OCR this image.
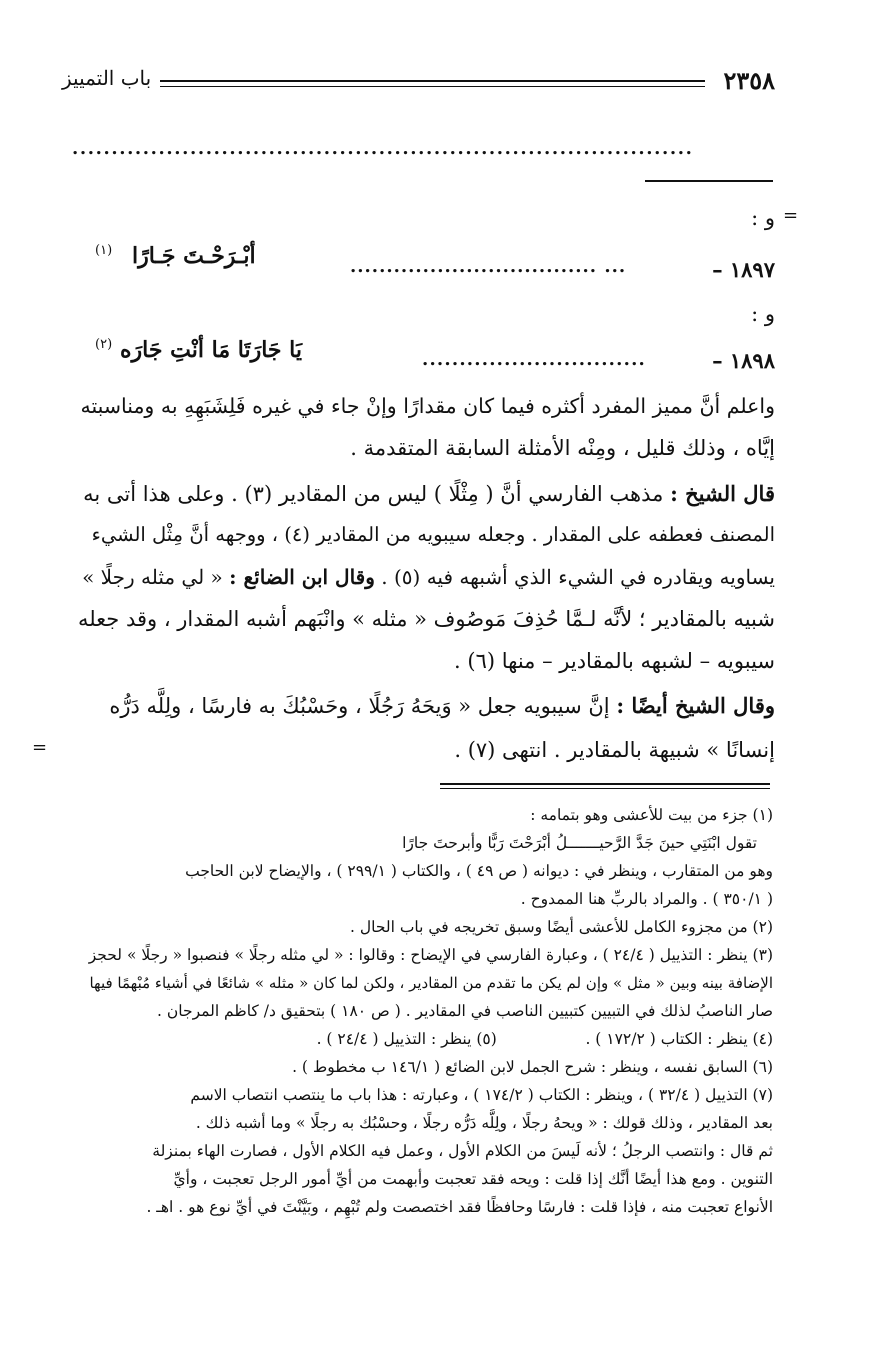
٢٣٥٨
باب التمييز
...............................................................................
=
=
و :
١٨٩٧ –
.................................. ...
أبْـرَحْـتَ جَـارًا
(١)
و :
١٨٩٨ –
..............................
يَا جَارَتَا مَا أنْتِ جَارَه
(٢)
واعلم أنَّ مميز المفرد أكثره فيما كان مقدارًا وإنْ جاء في غيره فَلِشَبَهِهِ به ومناسبته
إيَّاه ، وذلك قليل ، ومِنْه الأمثلة السابقة المتقدمة .
قال الشيخ : مذهب الفارسي أنَّ ( مِثْلًا ) ليس من المقادير (٣) . وعلى هذا أتى به
المصنف فعطفه على المقدار . وجعله سيبويه من المقادير (٤) ، ووجهه أنَّ مِثْل الشيء
يساويه ويقادره في الشيء الذي أشبهه فيه (٥) . وقال ابن الضائع : « لي مثله رجلًا »
شبيه بالمقادير ؛ لأنَّه لـمَّا حُذِفَ مَوصُوف « مثله » وانْبَهم أشبه المقدار ، وقد جعله
سيبويه – لشبهه بالمقادير – منها (٦) .
وقال الشيخ أيضًا : إنَّ سيبويه جعل « وَيحَهُ رَجُلًا ، وحَسْبُكَ به فارسًا ، ولِلَّه دَرُّه
إنسانًا » شبيهة بالمقادير . انتهى (٧) .
(١) جزء من بيت للأعشى وهو بتمامه :
تقول ابْنَتِي حينَ جَدَّ الرَّحيـــــــلُ أبْرَحْتَ رَبًّا وأبرحتَ جارًا
وهو من المتقارب ، وينظر في : ديوانه ( ص ٤٩ ) ، والكتاب ( ٢٩٩/١ ) ، والإيضاح لابن الحاجب
( ٣٥٠/١ ) . والمراد بالربِّ هنا الممدوح .
(٢) من مجزوء الكامل للأعشى أيضًا وسبق تخريجه في باب الحال .
(٣) ينظر : التذييل ( ٢٤/٤ ) ، وعبارة الفارسي في الإيضاح : وقالوا : « لي مثله رجلًا » فنصبوا « رجلًا » لحجز
الإضافة بينه وبين « مثل » وإن لم يكن ما تقدم من المقادير ، ولكن لما كان « مثله » شائعًا في أشياء مُبْهمًا فيها
صار الناصبُ لذلك في التبيين كتبيين الناصب في المقادير . ( ص ١٨٠ ) بتحقيق د/ كاظم المرجان .
(٤) ينظر : الكتاب ( ١٧٢/٢ ) .                  (٥) ينظر : التذييل ( ٢٤/٤ ) .
(٦) السابق نفسه ، وينظر : شرح الجمل لابن الضائع ( ١٤٦/١ ب مخطوط ) .
(٧) التذييل ( ٣٢/٤ ) ، وينظر : الكتاب ( ١٧٤/٢ ) ، وعبارته : هذا باب ما ينتصب انتصاب الاسم
بعد المقادير ، وذلك قولك : « ويحهُ رجلًا ، ولِلَّه دَرُّه رجلًا ، وحسْبُك به رجلًا » وما أشبه ذلك .
ثم قال : وانتصب الرجلُ ؛ لأنه لَيسَ من الكلام الأول ، وعمل فيه الكلام الأول ، فصارت الهاء بمنزلة
التنوين . ومع هذا أيضًا أنَّك إذا قلت : ويحه فقد تعجبت وأبهمت من أيِّ أمور الرجل تعجبت ، وأيِّ
الأنواع تعجبت منه ، فإذا قلت : فارسًا وحافظًا فقد اختصصت ولم تُبْهِم ، وبَيَّنْتَ في أيِّ نوع هو . اهـ .
